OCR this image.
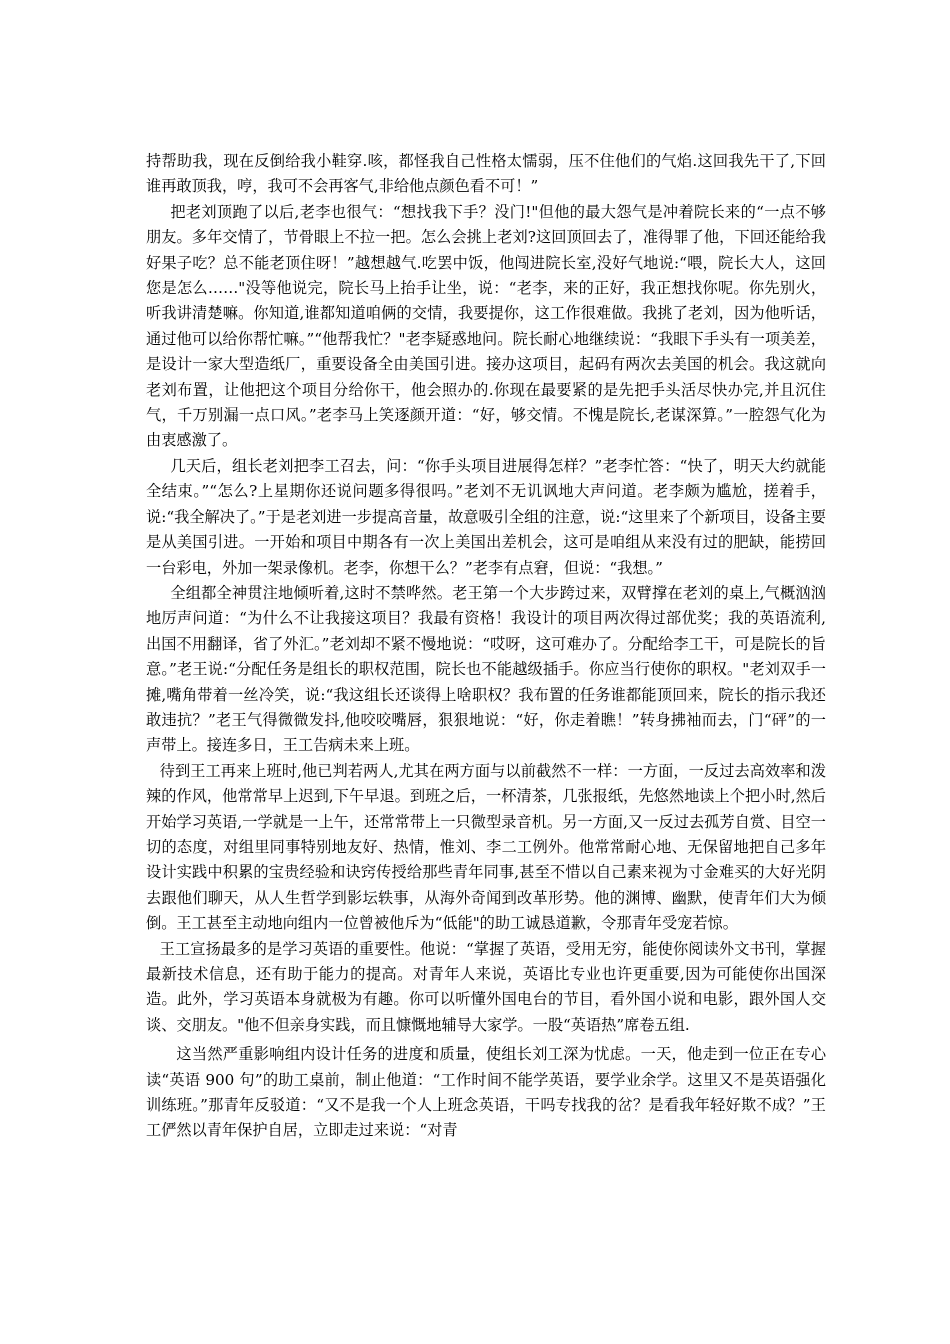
持帮助我，现在反倒给我小鞋穿.咳，都怪我自己性格太懦弱，压不住他们的气焰.这回我先干了,下回谁再敢顶我，哼，我可不会再客气,非给他点颜色看不可！”

把老刘顶跑了以后,老李也很气：“想找我下手？没门!"但他的最大怨气是冲着院长来的“一点不够朋友。多年交情了，节骨眼上不拉一把。怎么会挑上老刘?这回顶回去了，准得罪了他，下回还能给我好果子吃？总不能老顶住呀！”越想越气.吃罢中饭，他闯进院长室,没好气地说:“喂，院长大人，这回您是怎么……"没等他说完，院长马上抬手让坐，说：“老李，来的正好，我正想找你呢。你先别火，听我讲清楚嘛。你知道,谁都知道咱俩的交情，我要提你，这工作很难做。我挑了老刘，因为他听话，通过他可以给你帮忙嘛。”“他帮我忙？"老李疑惑地问。院长耐心地继续说：“我眼下手头有一项美差，是设计一家大型造纸厂，重要设备全由美国引进。接办这项目，起码有两次去美国的机会。我这就向老刘布置，让他把这个项目分给你干，他会照办的.你现在最要紧的是先把手头活尽快办完,并且沉住气，千万别漏一点口风。”老李马上笑逐颜开道：“好，够交情。不愧是院长,老谋深算。”一腔怨气化为由衷感激了。

几天后，组长老刘把李工召去，问：“你手头项目进展得怎样？”老李忙答：“快了，明天大约就能全结束。”“怎么?上星期你还说问题多得很吗。”老刘不无讥讽地大声问道。老李颇为尴尬，搓着手，说:“我全解决了。”于是老刘进一步提高音量，故意吸引全组的注意，说:“这里来了个新项目，设备主要是从美国引进。一开始和项目中期各有一次上美国出差机会，这可是咱组从来没有过的肥缺，能捞回一台彩电，外加一架录像机。老李，你想干么？”老李有点窘，但说：“我想。”

全组都全神贯注地倾听着,这时不禁哗然。老王第一个大步跨过来，双臂撑在老刘的桌上,气概汹汹地厉声问道：“为什么不让我接这项目？我最有资格！我设计的项目两次得过部优奖；我的英语流利,出国不用翻译，省了外汇。”老刘却不紧不慢地说：“哎呀，这可难办了。分配给李工干，可是院长的旨意。”老王说:“分配任务是组长的职权范围，院长也不能越级插手。你应当行使你的职权。"老刘双手一摊,嘴角带着一丝冷笑，说:“我这组长还谈得上啥职权？我布置的任务谁都能顶回来，院长的指示我还敢违抗？”老王气得微微发抖,他咬咬嘴唇，狠狠地说：“好，你走着瞧！”转身拂袖而去，门“砰”的一声带上。接连多日，王工告病未来上班。

待到王工再来上班时,他已判若两人,尤其在两方面与以前截然不一样：一方面，一反过去高效率和泼辣的作风，他常常早上迟到,下午早退。到班之后，一杯清茶，几张报纸，先悠然地读上个把小时,然后开始学习英语,一学就是一上午，还常常带上一只微型录音机。另一方面,又一反过去孤芳自赏、目空一切的态度，对组里同事特别地友好、热情，惟刘、李二工例外。他常常耐心地、无保留地把自己多年设计实践中积累的宝贵经验和诀窍传授给那些青年同事,甚至不惜以自己素来视为寸金难买的大好光阴去跟他们聊天，从人生哲学到影坛轶事，从海外奇闻到改革形势。他的渊博、幽默，使青年们大为倾倒。王工甚至主动地向组内一位曾被他斥为“低能"的助工诚恳道歉，令那青年受宠若惊。

王工宣扬最多的是学习英语的重要性。他说：“掌握了英语，受用无穷，能使你阅读外文书刊，掌握最新技术信息，还有助于能力的提高。对青年人来说，英语比专业也许更重要,因为可能使你出国深造。此外，学习英语本身就极为有趣。你可以听懂外国电台的节目，看外国小说和电影，跟外国人交谈、交朋友。"他不但亲身实践，而且慷慨地辅导大家学。一股“英语热”席卷五组.

这当然严重影响组内设计任务的进度和质量，使组长刘工深为忧虑。一天，他走到一位正在专心读“英语 900 句”的助工桌前，制止他道：“工作时间不能学英语，要学业余学。这里又不是英语强化训练班。”那青年反驳道：“又不是我一个人上班念英语，干吗专找我的岔？是看我年轻好欺不成？”王工俨然以青年保护自居，立即走过来说：“对青
